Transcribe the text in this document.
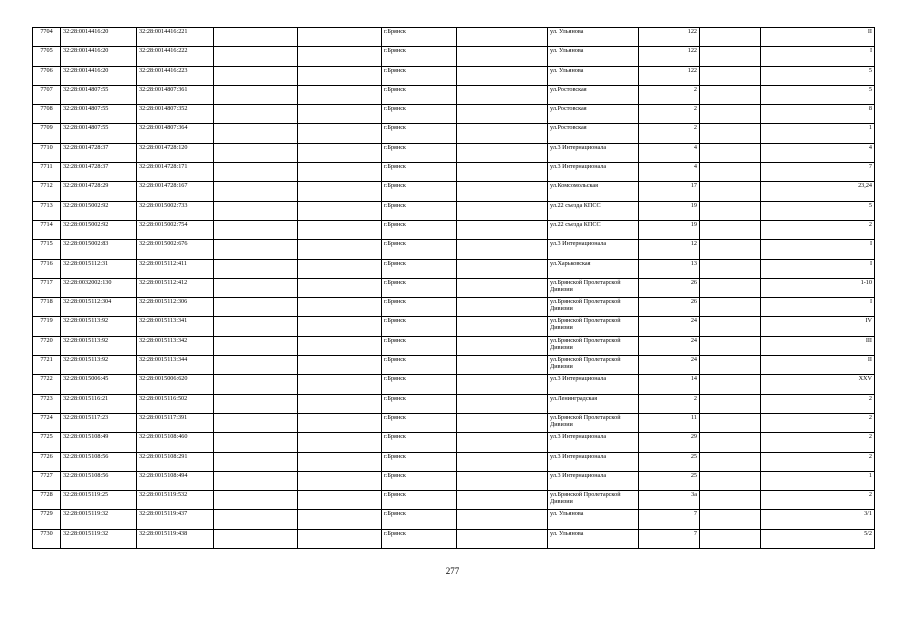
7704	32:28:0014416:20	32:28:0014416:221			г.Брянск		ул. Ульянова	122		II
7705	32:28:0014416:20	32:28:0014416:222			г.Брянск		ул. Ульянова	122		I
7706	32:28:0014416:20	32:28:0014416:223			г.Брянск		ул. Ульянова	122		5
7707	32:28:0014807:55	32:28:0014807:361			г.Брянск		ул.Ростовская	2		5
7708	32:28:0014807:55	32:28:0014807:352			г.Брянск		ул.Ростовская	2		8
7709	32:28:0014807:55	32:28:0014807:364			г.Брянск		ул.Ростовская	2		1
7710	32:28:0014728:37	32:28:0014728:120			г.Брянск		ул.3 Интернационала	4		4
7711	32:28:0014728:37	32:28:0014728:171			г.Брянск		ул.3 Интернационала	4		7
7712	32:28:0014728:29	32:28:0014728:167			г.Брянск		ул.Комсомольская	17		23,24
7713	32:28:0015002:92	32:28:0015002:733			г.Брянск		ул.22 съезда КПСС	19		5
7714	32:28:0015002:92	32:28:0015002:754			г.Брянск		ул.22 съезда КПСС	19		2
7715	32:28:0015002:83	32:28:0015002:676			г.Брянск		ул.3 Интернационала	12		I
7716	32:28:0015112:31	32:28:0015112:411			г.Брянск		ул.Харьковская	13		I
7717	32:28:0032002:130	32:28:0015112:412			г.Брянск		ул.Брянской Пролетарской Дивизии	26		1-10
7718	32:28:0015112:304	32:28:0015112:306			г.Брянск		ул.Брянской Пролетарской Дивизии	26		I
7719	32:28:0015113:92	32:28:0015113:341			г.Брянск		ул.Брянской Пролетарской Дивизии	24		IV
7720	32:28:0015113:92	32:28:0015113:342			г.Брянск		ул.Брянской Пролетарской Дивизии	24		III
7721	32:28:0015113:92	32:28:0015113:344			г.Брянск		ул.Брянской Пролетарской Дивизии	24		II
7722	32:28:0015006:45	32:28:0015006:620			г.Брянск		ул.3 Интернационала	14		XXV
7723	32:28:0015116:21	32:28:0015116:502			г.Брянск		ул.Ленинградская	2		2
7724	32:28:0015117:23	32:28:0015117:391			г.Брянск		ул.Брянской Пролетарской Дивизии	11		2
7725	32:28:0015108:49	32:28:0015108:460			г.Брянск		ул.3 Интернационала	29		2
7726	32:28:0015108:56	32:28:0015108:291			г.Брянск		ул.3 Интернационала	25		2
7727	32:28:0015108:56	32:28:0015108:494			г.Брянск		ул.3 Интернационала	25		1
7728	32:28:0015119:25	32:28:0015119:532			г.Брянск		ул.Брянской Пролетарской Дивизии	3а		2
7729	32:28:0015119:32	32:28:0015119:437			г.Брянск		ул. Ульянова	7		3/1
7730	32:28:0015119:32	32:28:0015119:438			г.Брянск		ул. Ульянова	7		5/2
277
